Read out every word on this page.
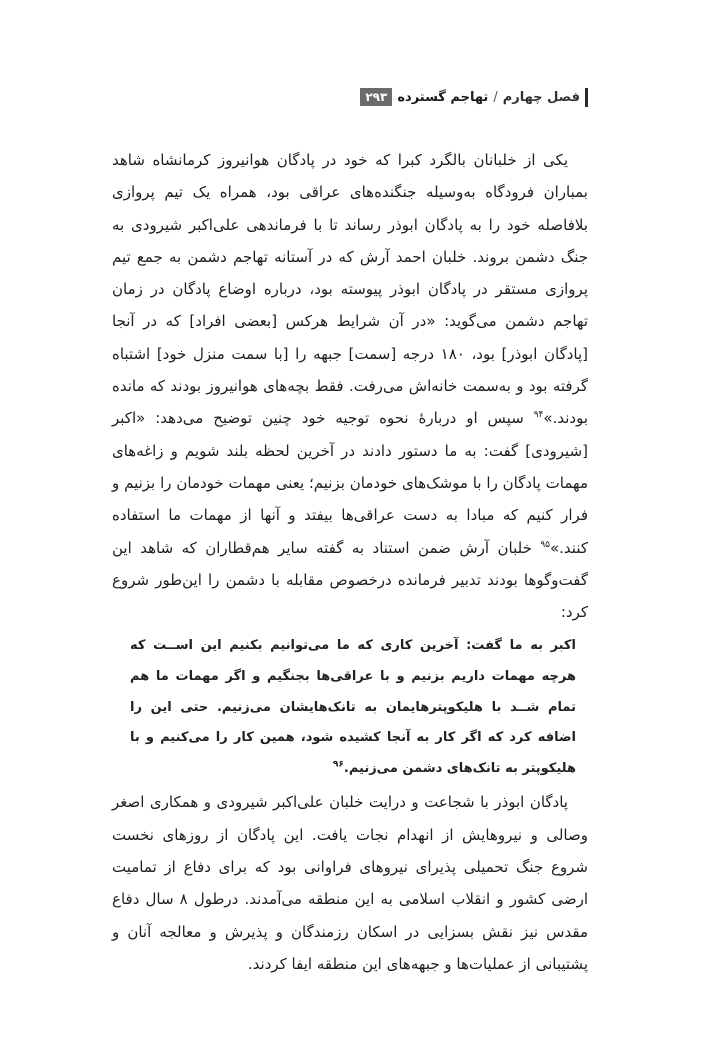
فصل چهارم
/
تهاجم گسترده
۲۹۳

یکی از خلبانان بالگرد کبرا که خود در پادگان هوانیروز کرمانشاه شاهد بمباران فرودگاه به‌وسیله جنگنده‌های عراقی بود، همراه یک تیم پروازی بلافاصله خود را به پادگان ابوذر رساند تا با فرماندهی علی‌اکبر شیرودی به جنگ دشمن بروند. خلبان احمد آرش که در آستانه تهاجم دشمن به جمع تیم پروازی مستقر در پادگان ابوذر پیوسته بود، درباره اوضاع پادگان در زمان تهاجم دشمن می‌گوید: «در آن شرایط هرکس [بعضی افراد] که در آنجا [پادگان ابوذر] بود، ۱۸۰ درجه [سمت] جبهه را [با سمت منزل خود] اشتباه گرفته بود و به‌سمت خانه‌اش می‌رفت. فقط بچه‌های هوانیروز بودند که مانده بودند.»$^{۹۴}$ سپس او دربارهٔ نحوه توجیه خود چنین توضیح می‌دهد: «اکبر [شیرودی] گفت: به ما دستور دادند در آخرین لحظه بلند شویم و زاغه‌های مهمات پادگان را با موشک‌های خودمان بزنیم؛ یعنی مهمات خودمان را بزنیم و فرار کنیم که مبادا به دست عراقی‌ها بیفتد و آنها از مهمات ما استفاده کنند.»$^{۹۵}$ خلبان آرش ضمن استناد به گفته سایر هم‌قطاران که شاهد این گفت‌وگوها بودند تدبیر فرمانده درخصوص مقابله با دشمن را این‌طور شروع کرد:

اکبر به ما گفت: آخرین کاری که ما می‌توانیم بکنیم این اســت که هرچه مهمات داریم بزنیم و با عراقی‌ها بجنگیم و اگر مهمات ما هم تمام شــد با هلیکوپترهایمان به تانک‌هایشان می‌زنیم. حتی این را اضافه کرد که اگر کار به آنجا کشیده شود، همین کار را می‌کنیم و با هلیکوپتر به تانک‌های دشمن می‌زنیم.$^{۹۶}$

پادگان ابوذر با شجاعت و درایت خلبان علی‌اکبر شیرودی و همکاری اصغر وصالی و نیروهایش از انهدام نجات یافت. این پادگان از روزهای نخست شروع جنگ تحمیلی پذیرای نیروهای فراوانی بود که برای دفاع از تمامیت ارضی کشور و انقلاب اسلامی به این منطقه می‌آمدند. درطول ۸ سال دفاع مقدس نیز نقش بسزایی در اسکان رزمندگان و پذیرش و معالجه آنان و پشتیبانی از عملیات‌ها و جبهه‌های این منطقه ایفا کردند.
